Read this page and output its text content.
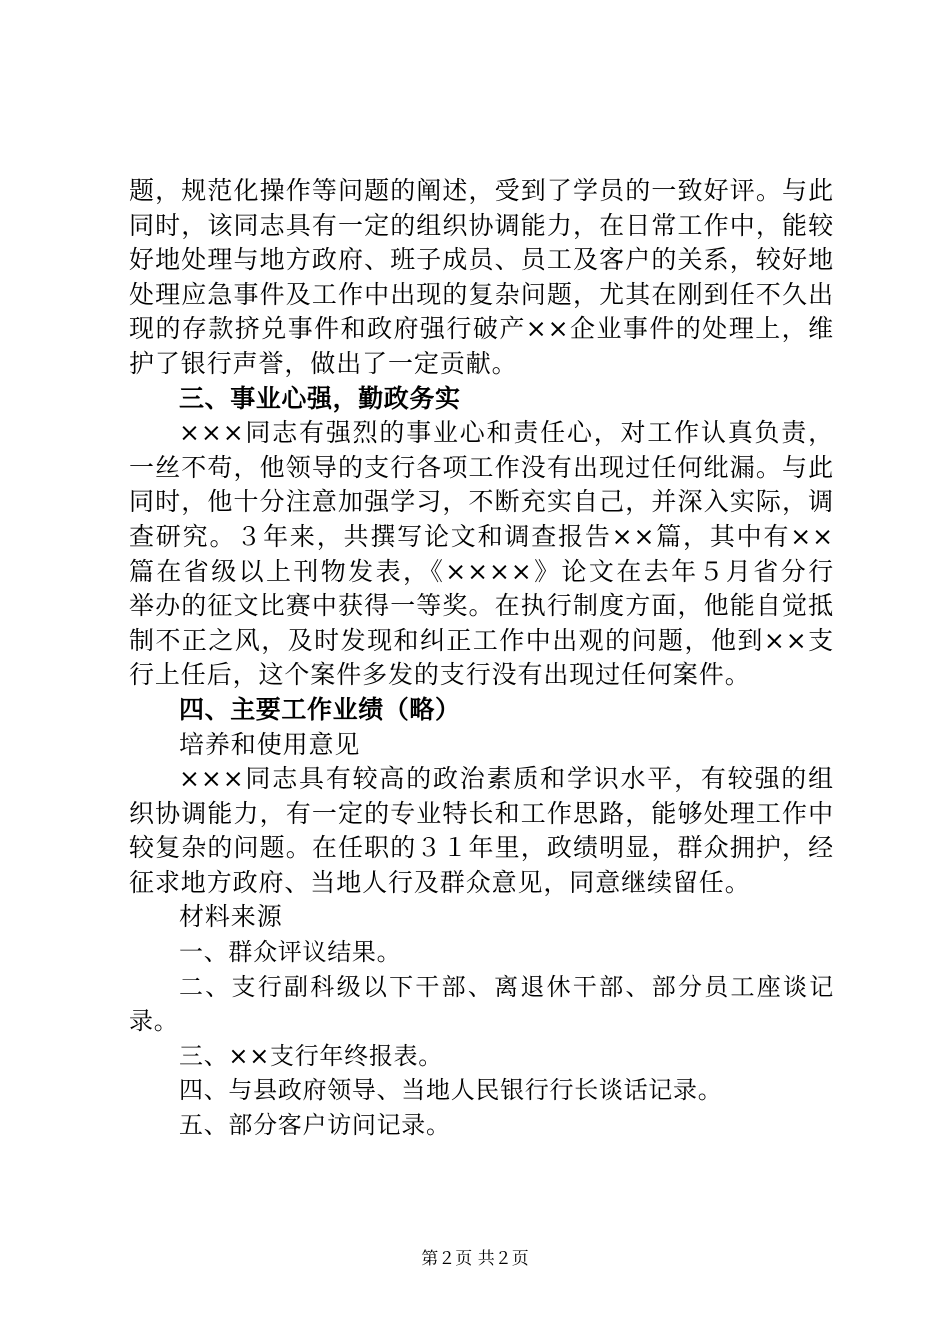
题，规范化操作等问题的阐述，受到了学员的一致好评。与此
同时，该同志具有一定的组织协调能力，在日常工作中，能较
好地处理与地方政府、班子成员、员工及客户的关系，较好地
处理应急事件及工作中出现的复杂问题，尤其在刚到任不久出
现的存款挤兑事件和政府强行破产××企业事件的处理上，维
护了银行声誉，做出了一定贡献。
三、事业心强，勤政务实
×××同志有强烈的事业心和责任心，对工作认真负责，
一丝不苟，他领导的支行各项工作没有出现过任何纰漏。与此
同时，他十分注意加强学习，不断充实自己，并深入实际，调
查研究。３年来，共撰写论文和调查报告××篇，其中有××
篇在省级以上刊物发表，《××××》论文在去年５月省分行
举办的征文比赛中获得一等奖。在执行制度方面，他能自觉抵
制不正之风，及时发现和纠正工作中出观的问题，他到××支
行上任后，这个案件多发的支行没有出现过任何案件。
四、主要工作业绩（略）
培养和使用意见
×××同志具有较高的政治素质和学识水平，有较强的组
织协调能力，有一定的专业特长和工作思路，能够处理工作中
较复杂的问题。在任职的３１年里，政绩明显，群众拥护，经
征求地方政府、当地人行及群众意见，同意继续留任。
材料来源
一、群众评议结果。
二、支行副科级以下干部、离退休干部、部分员工座谈记
录。
三、××支行年终报表。
四、与县政府领导、当地人民银行行长谈话记录。
五、部分客户访问记录。
第２页 共２页
